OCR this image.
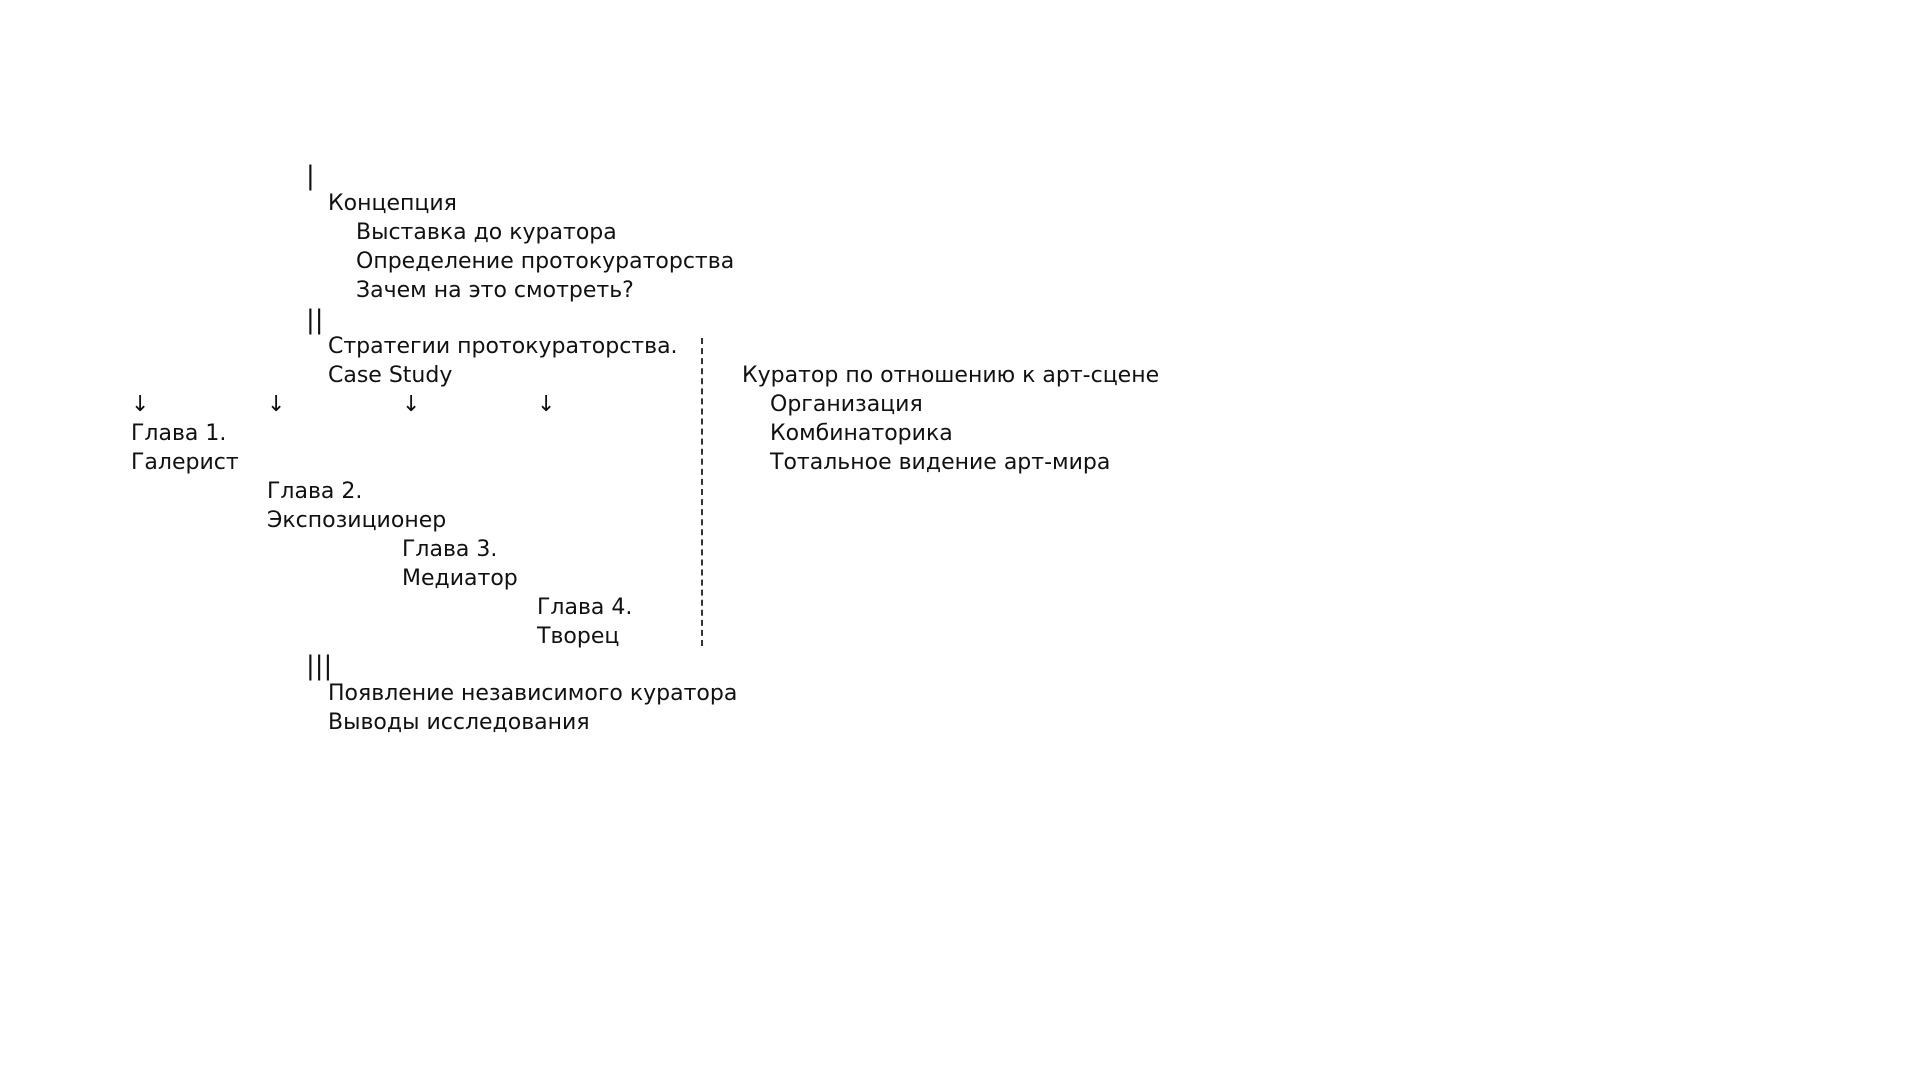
|
Концепция
Выставка до куратора
Определение протокураторства
Зачем на это смотреть?
||
Стратегии протокураторства.
Case Study
↓	↓	↓	↓
Глава 1.
Галерист
Глава 2.
Экспозиционер
Глава 3.
Медиатор
Глава 4.
Творец
Куратор по отношению к арт-сцене
Организация
Комбинаторика
Тотальное видение арт-мира
|||
Появление независимого куратора
Выводы исследования
